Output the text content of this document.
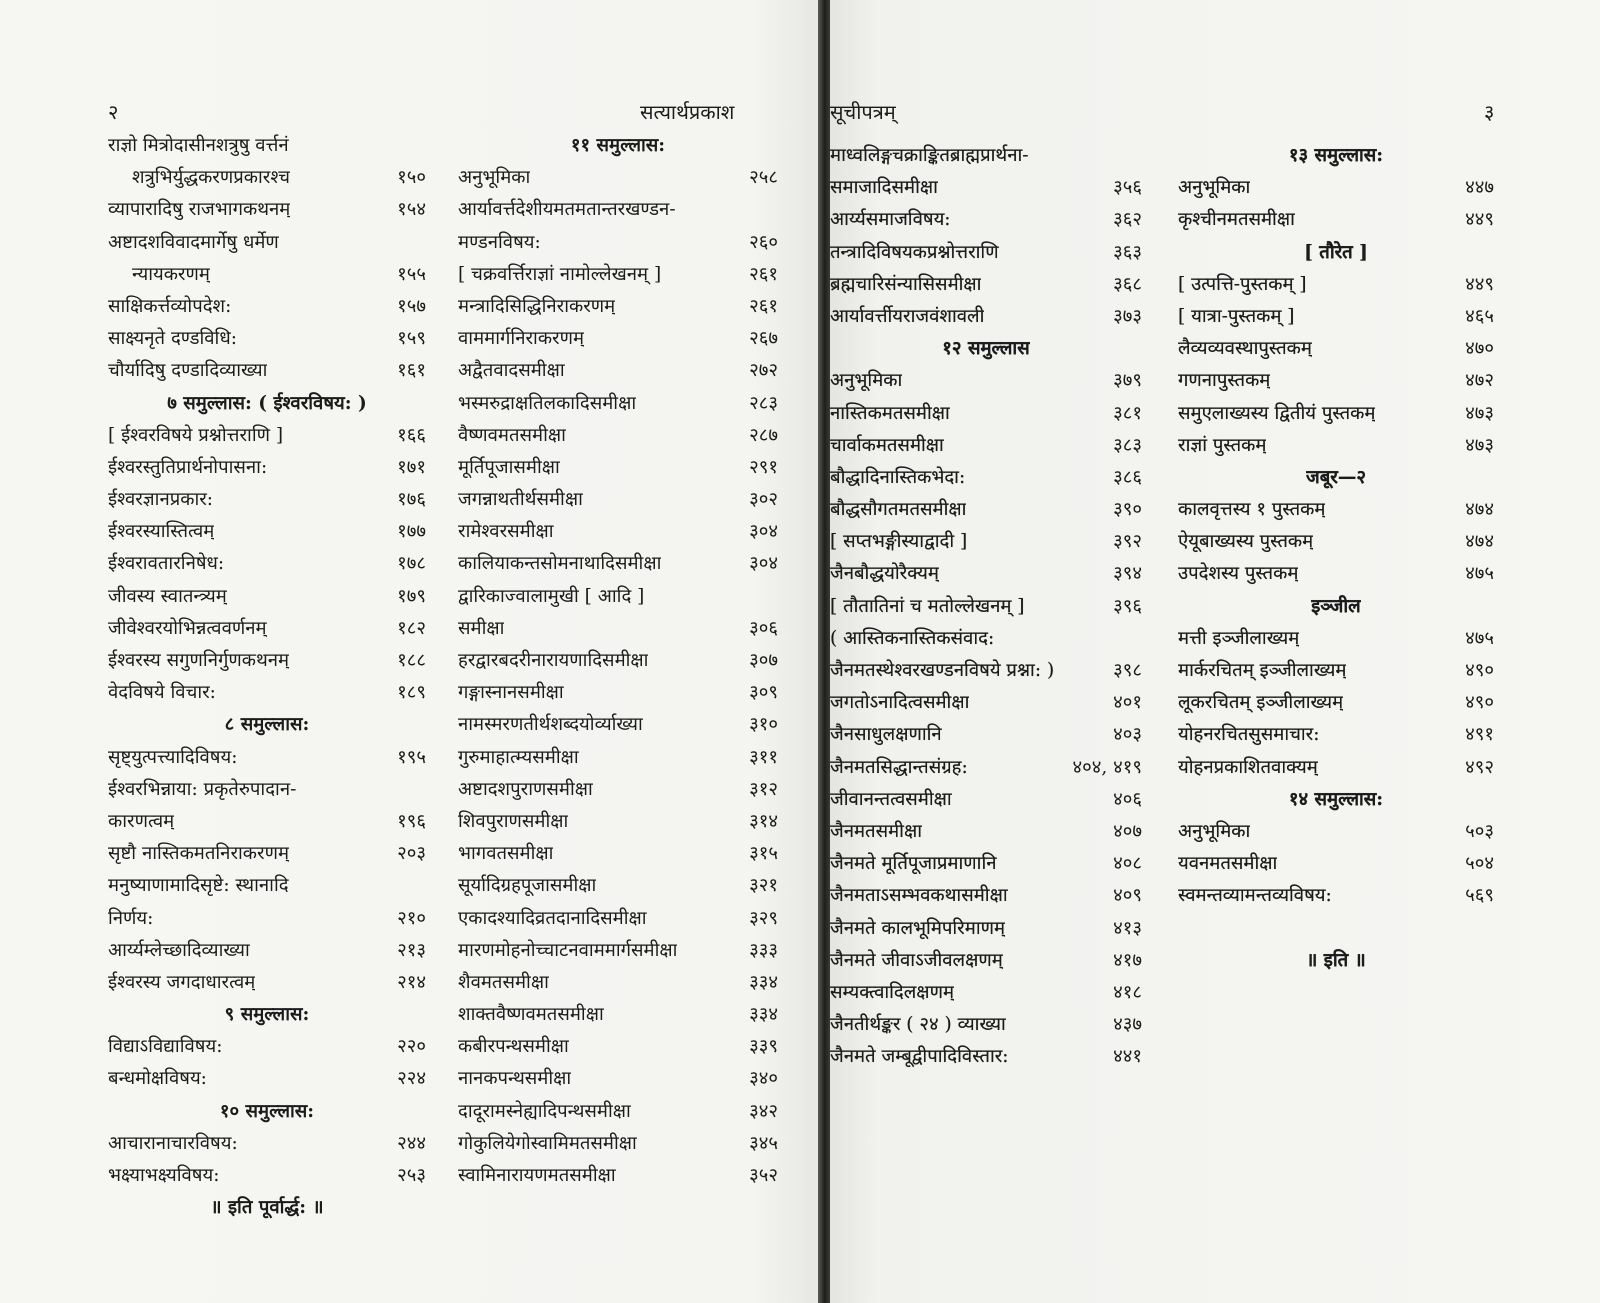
२	सत्यार्थप्रकाश
राज्ञो मित्रोदासीनशत्रुषु वर्त्तनं
शत्रुभिर्युद्धकरणप्रकारश्च	१५०
व्यापारादिषु राजभागकथनम्	१५४
अष्टादशविवादमार्गेषु धर्मेण
न्यायकरणम्	१५५
साक्षिकर्त्तव्योपदेश:	१५७
साक्ष्यनृते दण्डविधि:	१५९
चौर्यादिषु दण्डादिव्याख्या	१६१
७ समुल्लास: ( ईश्वरविषय: )
[ ईश्वरविषये प्रश्नोत्तराणि ]	१६६
ईश्वरस्तुतिप्रार्थनोपासना:	१७१
ईश्वरज्ञानप्रकार:	१७६
ईश्वरस्यास्तित्वम्	१७७
ईश्वरावतारनिषेध:	१७८
जीवस्य स्वातन्त्र्यम्	१७९
जीवेश्वरयोभिन्नत्ववर्णनम्	१८२
ईश्वरस्य सगुणनिर्गुणकथनम्	१८८
वेदविषये विचार:	१८९
८ समुल्लास:
सृष्ट्युत्पत्त्यादिविषय:	१९५
ईश्वरभिन्नाया: प्रकृतेरुपादान-
कारणत्वम्	१९६
सृष्टौ नास्तिकमतनिराकरणम्	२०३
मनुष्याणामादिसृष्टे: स्थानादि
निर्णय:	२१०
आर्य्यम्लेच्छादिव्याख्या	२१३
ईश्वरस्य जगदाधारत्वम्	२१४
९ समुल्लास:
विद्याऽविद्याविषय:	२२०
बन्धमोक्षविषय:	२२४
१० समुल्लास:
आचारानाचारविषय:	२४४
भक्ष्याभक्ष्यविषय:	२५३
॥ इति पूर्वार्द्ध: ॥
११ समुल्लास:
अनुभूमिका	२५८
आर्यावर्त्तदेशीयमतमतान्तरखण्डन-
मण्डनविषय:	२६०
[ चक्रवर्त्तिराज्ञां नामोल्लेखनम् ]	२६१
मन्त्रादिसिद्धिनिराकरणम्	२६१
वाममार्गनिराकरणम्	२६७
अद्वैतवादसमीक्षा	२७२
भस्मरुद्राक्षतिलकादिसमीक्षा	२८३
वैष्णवमतसमीक्षा	२८७
मूर्तिपूजासमीक्षा	२९१
जगन्नाथतीर्थसमीक्षा	३०२
रामेश्वरसमीक्षा	३०४
कालियाकन्तसोमनाथादिसमीक्षा	३०४
द्वारिकाज्वालामुखी [ आदि ]
समीक्षा	३०६
हरद्वारबदरीनारायणादिसमीक्षा	३०७
गङ्गास्नानसमीक्षा	३०९
नामस्मरणतीर्थशब्दयोर्व्याख्या	३१०
गुरुमाहात्म्यसमीक्षा	३११
अष्टादशपुराणसमीक्षा	३१२
शिवपुराणसमीक्षा	३१४
भागवतसमीक्षा	३१५
सूर्यादिग्रहपूजासमीक्षा	३२१
एकादश्यादिव्रतदानादिसमीक्षा	३२९
मारणमोहनोच्चाटनवाममार्गसमीक्षा	३३३
शैवमतसमीक्षा	३३४
शाक्तवैष्णवमतसमीक्षा	३३४
कबीरपन्थसमीक्षा	३३९
नानकपन्थसमीक्षा	३४०
दादूरामस्नेह्यादिपन्थसमीक्षा	३४२
गोकुलियेगोस्वामिमतसमीक्षा	३४५
स्वामिनारायणमतसमीक्षा	३५२
सूचीपत्रम्	३
माध्वलिङ्गचक्राङ्कितब्राह्मप्रार्थना-
समाजादिसमीक्षा	३५६
आर्य्यसमाजविषय:	३६२
तन्त्रादिविषयकप्रश्नोत्तराणि	३६३
ब्रह्मचारिसंन्यासिसमीक्षा	३६८
आर्यावर्त्तीयराजवंशावली	३७३
१२ समुल्लास
अनुभूमिका	३७९
नास्तिकमतसमीक्षा	३८१
चार्वाकमतसमीक्षा	३८३
बौद्धादिनास्तिकभेदा:	३८६
बौद्धसौगतमतसमीक्षा	३९०
[ सप्तभङ्गीस्याद्वादी ]	३९२
जैनबौद्धयोरैक्यम्	३९४
[ तौतातिनां च मतोल्लेखनम् ]	३९६
( आस्तिकनास्तिकसंवाद:
जैनमतस्थेश्वरखण्डनविषये प्रश्ना: )	३९८
जगतोऽनादित्वसमीक्षा	४०१
जैनसाधुलक्षणानि	४०३
जैनमतसिद्धान्तसंग्रह:	४०४, ४१९
जीवानन्तत्वसमीक्षा	४०६
जैनमतसमीक्षा	४०७
जैनमते मूर्तिपूजाप्रमाणानि	४०८
जैनमताऽसम्भवकथासमीक्षा	४०९
जैनमते कालभूमिपरिमाणम्	४१३
जैनमते जीवाऽजीवलक्षणम्	४१७
सम्यक्त्वादिलक्षणम्	४१८
जैनतीर्थङ्कर ( २४ ) व्याख्या	४३७
जैनमते जम्बूद्वीपादिविस्तार:	४४१
१३ समुल्लास:
अनुभूमिका	४४७
कृश्चीनमतसमीक्षा	४४९
[ तौरेत ]
[ उत्पत्ति-पुस्तकम् ]	४४९
[ यात्रा-पुस्तकम् ]	४६५
लैव्यव्यवस्थापुस्तकम्	४७०
गणनापुस्तकम्	४७२
समुएलाख्यस्य द्वितीयं पुस्तकम्	४७३
राज्ञां पुस्तकम्	४७३
जबूर—२
कालवृत्तस्य १ पुस्तकम्	४७४
ऐयूबाख्यस्य पुस्तकम्	४७४
उपदेशस्य पुस्तकम्	४७५
इञ्जील
मत्ती इञ्जीलाख्यम्	४७५
मार्करचितम् इञ्जीलाख्यम्	४९०
लूकरचितम् इञ्जीलाख्यम्	४९०
योहनरचितसुसमाचार:	४९१
योहनप्रकाशितवाक्यम्	४९२
१४ समुल्लास:
अनुभूमिका	५०३
यवनमतसमीक्षा	५०४
स्वमन्तव्यामन्तव्यविषय:	५६९
॥ इति ॥
